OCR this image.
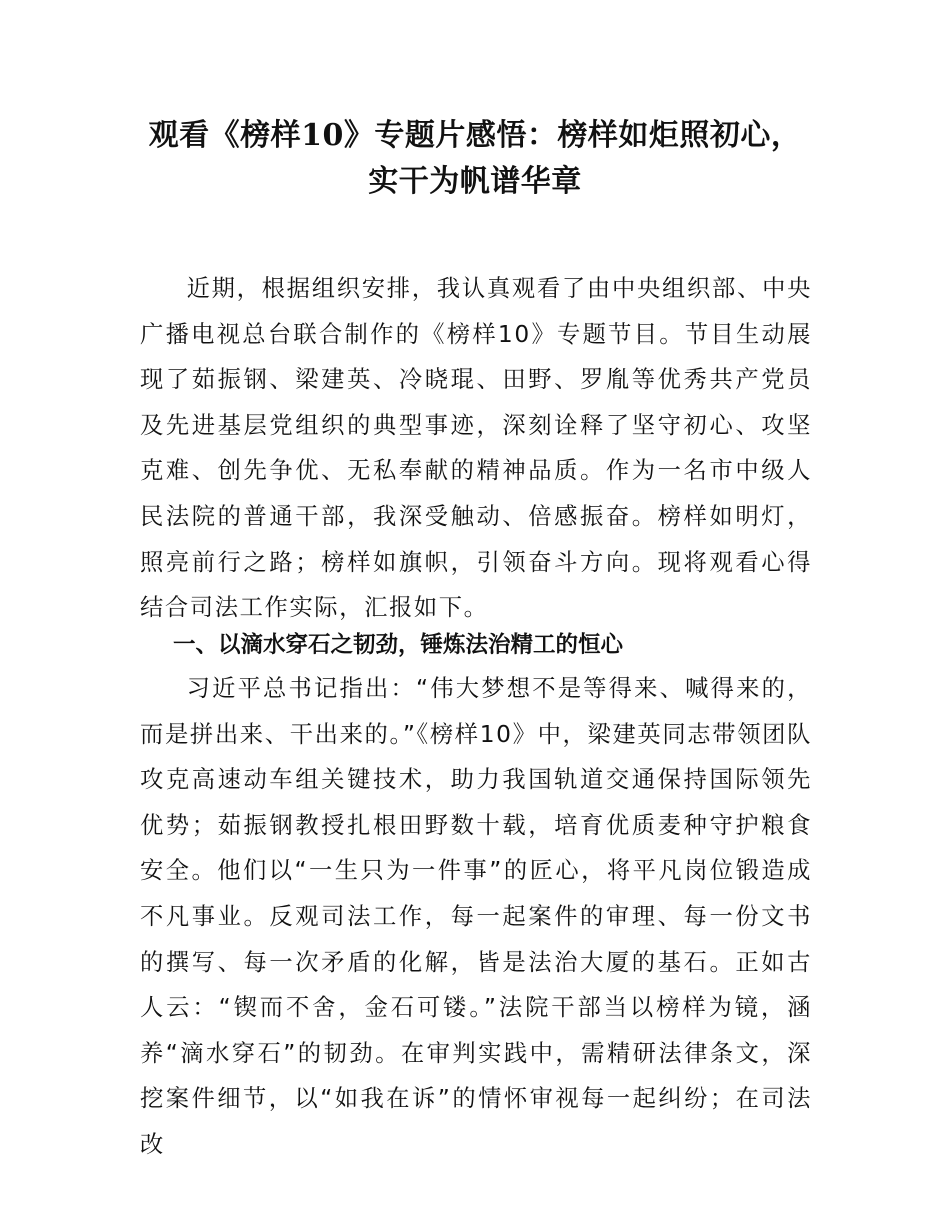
观看《榜样10》专题片感悟：榜样如炬照初心，
实干为帆谱华章
近期，根据组织安排，我认真观看了由中央组织部、中央广播电视总台联合制作的《榜样10》专题节目。节目生动展现了茹振钢、梁建英、冷晓琨、田野、罗胤等优秀共产党员及先进基层党组织的典型事迹，深刻诠释了坚守初心、攻坚克难、创先争优、无私奉献的精神品质。作为一名市中级人民法院的普通干部，我深受触动、倍感振奋。榜样如明灯，照亮前行之路；榜样如旗帜，引领奋斗方向。现将观看心得结合司法工作实际，汇报如下。
一、以滴水穿石之韧劲，锤炼法治精工的恒心
习近平总书记指出：“伟大梦想不是等得来、喊得来的，而是拼出来、干出来的。”《榜样10》中，梁建英同志带领团队攻克高速动车组关键技术，助力我国轨道交通保持国际领先优势；茹振钢教授扎根田野数十载，培育优质麦种守护粮食安全。他们以“一生只为一件事”的匠心，将平凡岗位锻造成不凡事业。反观司法工作，每一起案件的审理、每一份文书的撰写、每一次矛盾的化解，皆是法治大厦的基石。正如古人云：“锲而不舍，金石可镂。”法院干部当以榜样为镜，涵养“滴水穿石”的韧劲。在审判实践中，需精研法律条文，深挖案件细节，以“如我在诉”的情怀审视每一起纠纷；在司法改
